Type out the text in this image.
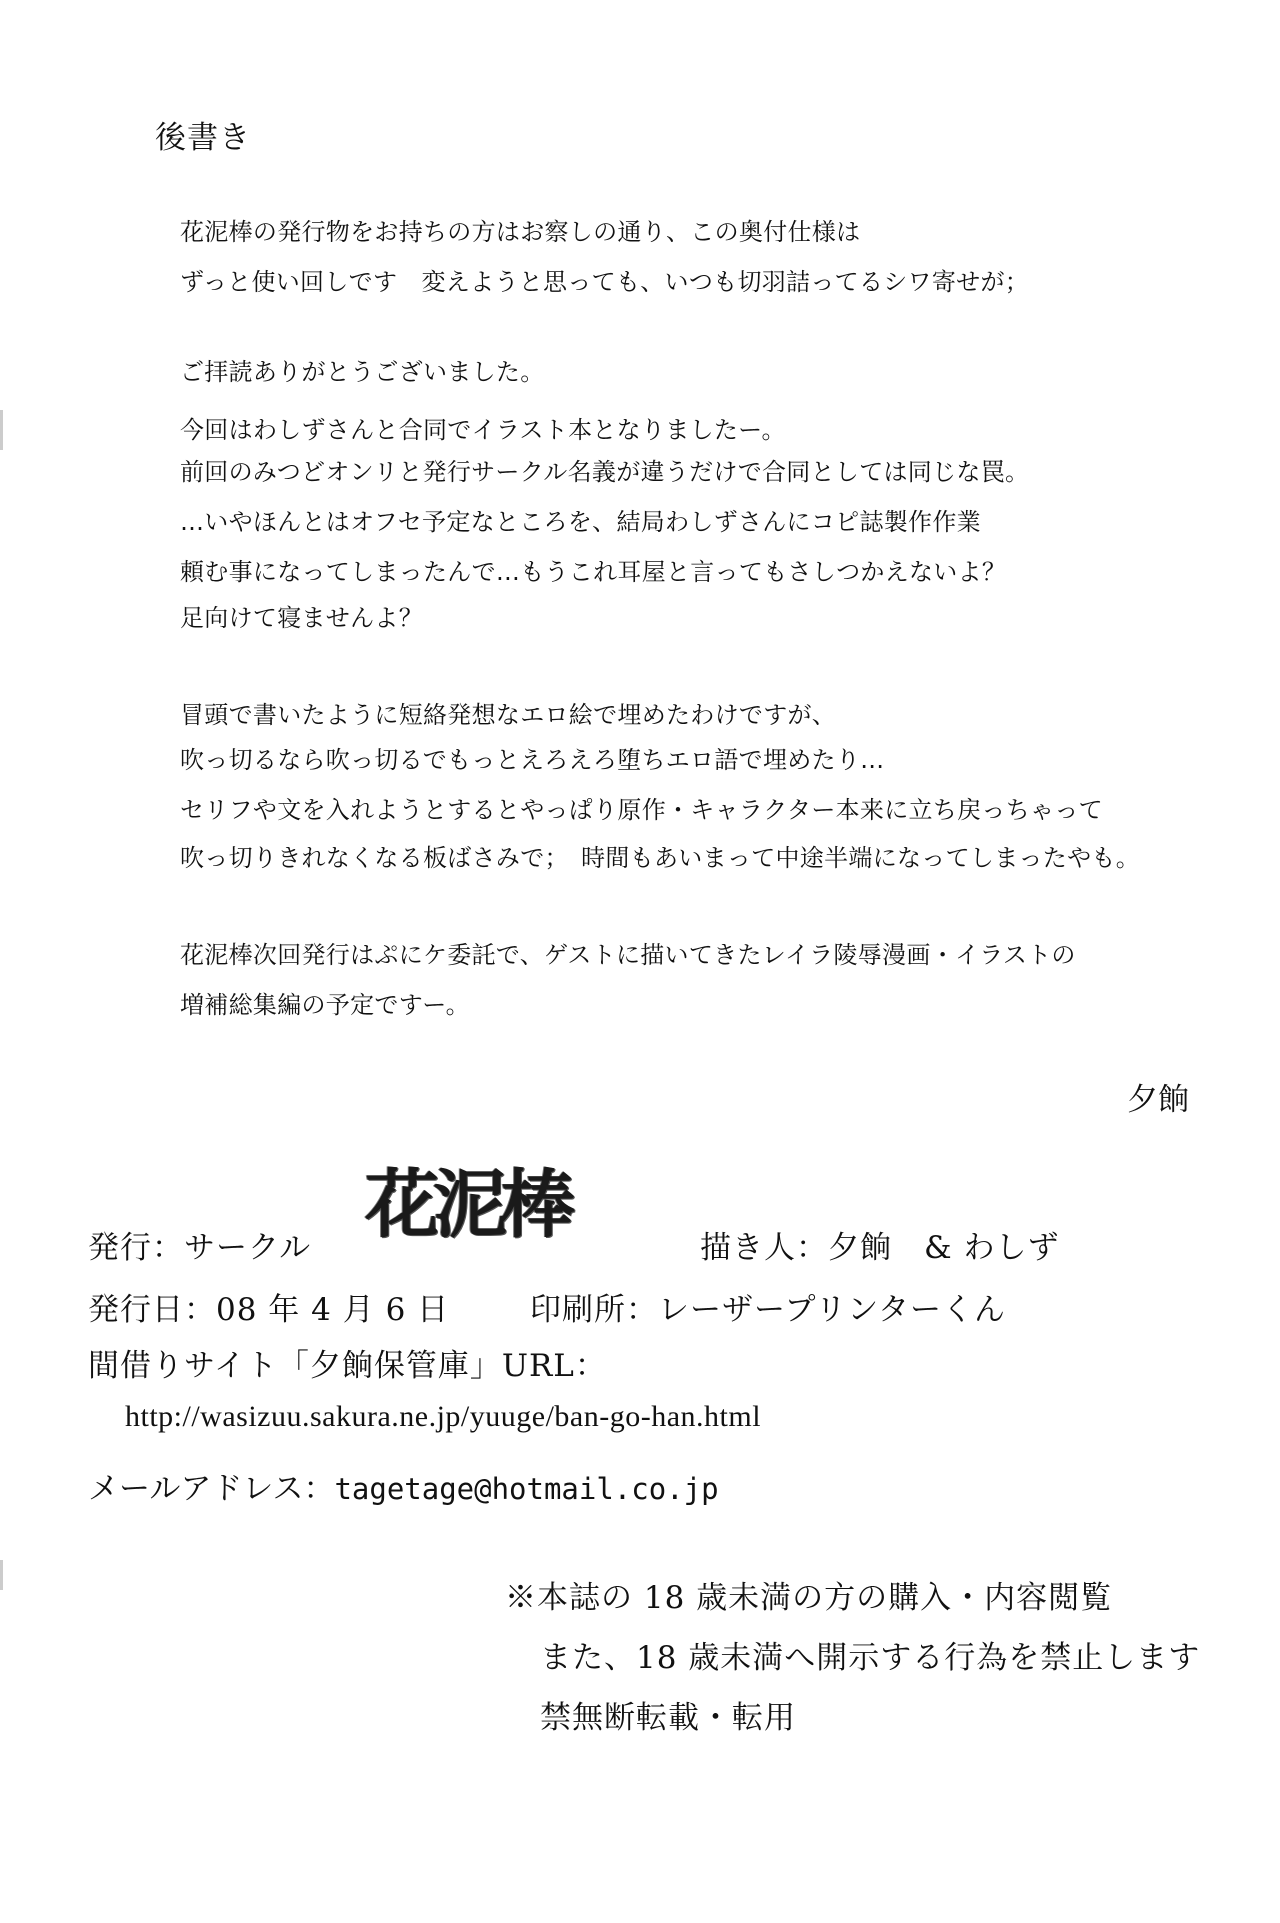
後書き
花泥棒の発行物をお持ちの方はお察しの通り、この奥付仕様は
ずっと使い回しです　変えようと思っても、いつも切羽詰ってるシワ寄せが；
ご拝読ありがとうございました。
今回はわしずさんと合同でイラスト本となりましたー。
前回のみつどオンリと発行サークル名義が違うだけで合同としては同じな罠。
…いやほんとはオフセ予定なところを、結局わしずさんにコピ誌製作作業
頼む事になってしまったんで…もうこれ耳屋と言ってもさしつかえないよ？
足向けて寝ませんよ？
冒頭で書いたように短絡発想なエロ絵で埋めたわけですが、
吹っ切るなら吹っ切るでもっとえろえろ堕ちエロ語で埋めたり…
セリフや文を入れようとするとやっぱり原作・キャラクター本来に立ち戻っちゃって
吹っ切りきれなくなる板ばさみで；　時間もあいまって中途半端になってしまったやも。
花泥棒次回発行はぷにケ委託で、ゲストに描いてきたレイラ陵辱漫画・イラストの
増補総集編の予定ですー。
夕餉
発行：サークル 花泥棒	描き人：夕餉　& わしず
発行日：08 年 4 月 6 日	印刷所：レーザープリンターくん
間借りサイト「夕餉保管庫」URL：
http://wasizuu.sakura.ne.jp/yuuge/ban-go-han.html
メールアドレス：tagetage@hotmail.co.jp
※本誌の 18 歳未満の方の購入・内容閲覧
また、18 歳未満へ開示する行為を禁止します
禁無断転載・転用
